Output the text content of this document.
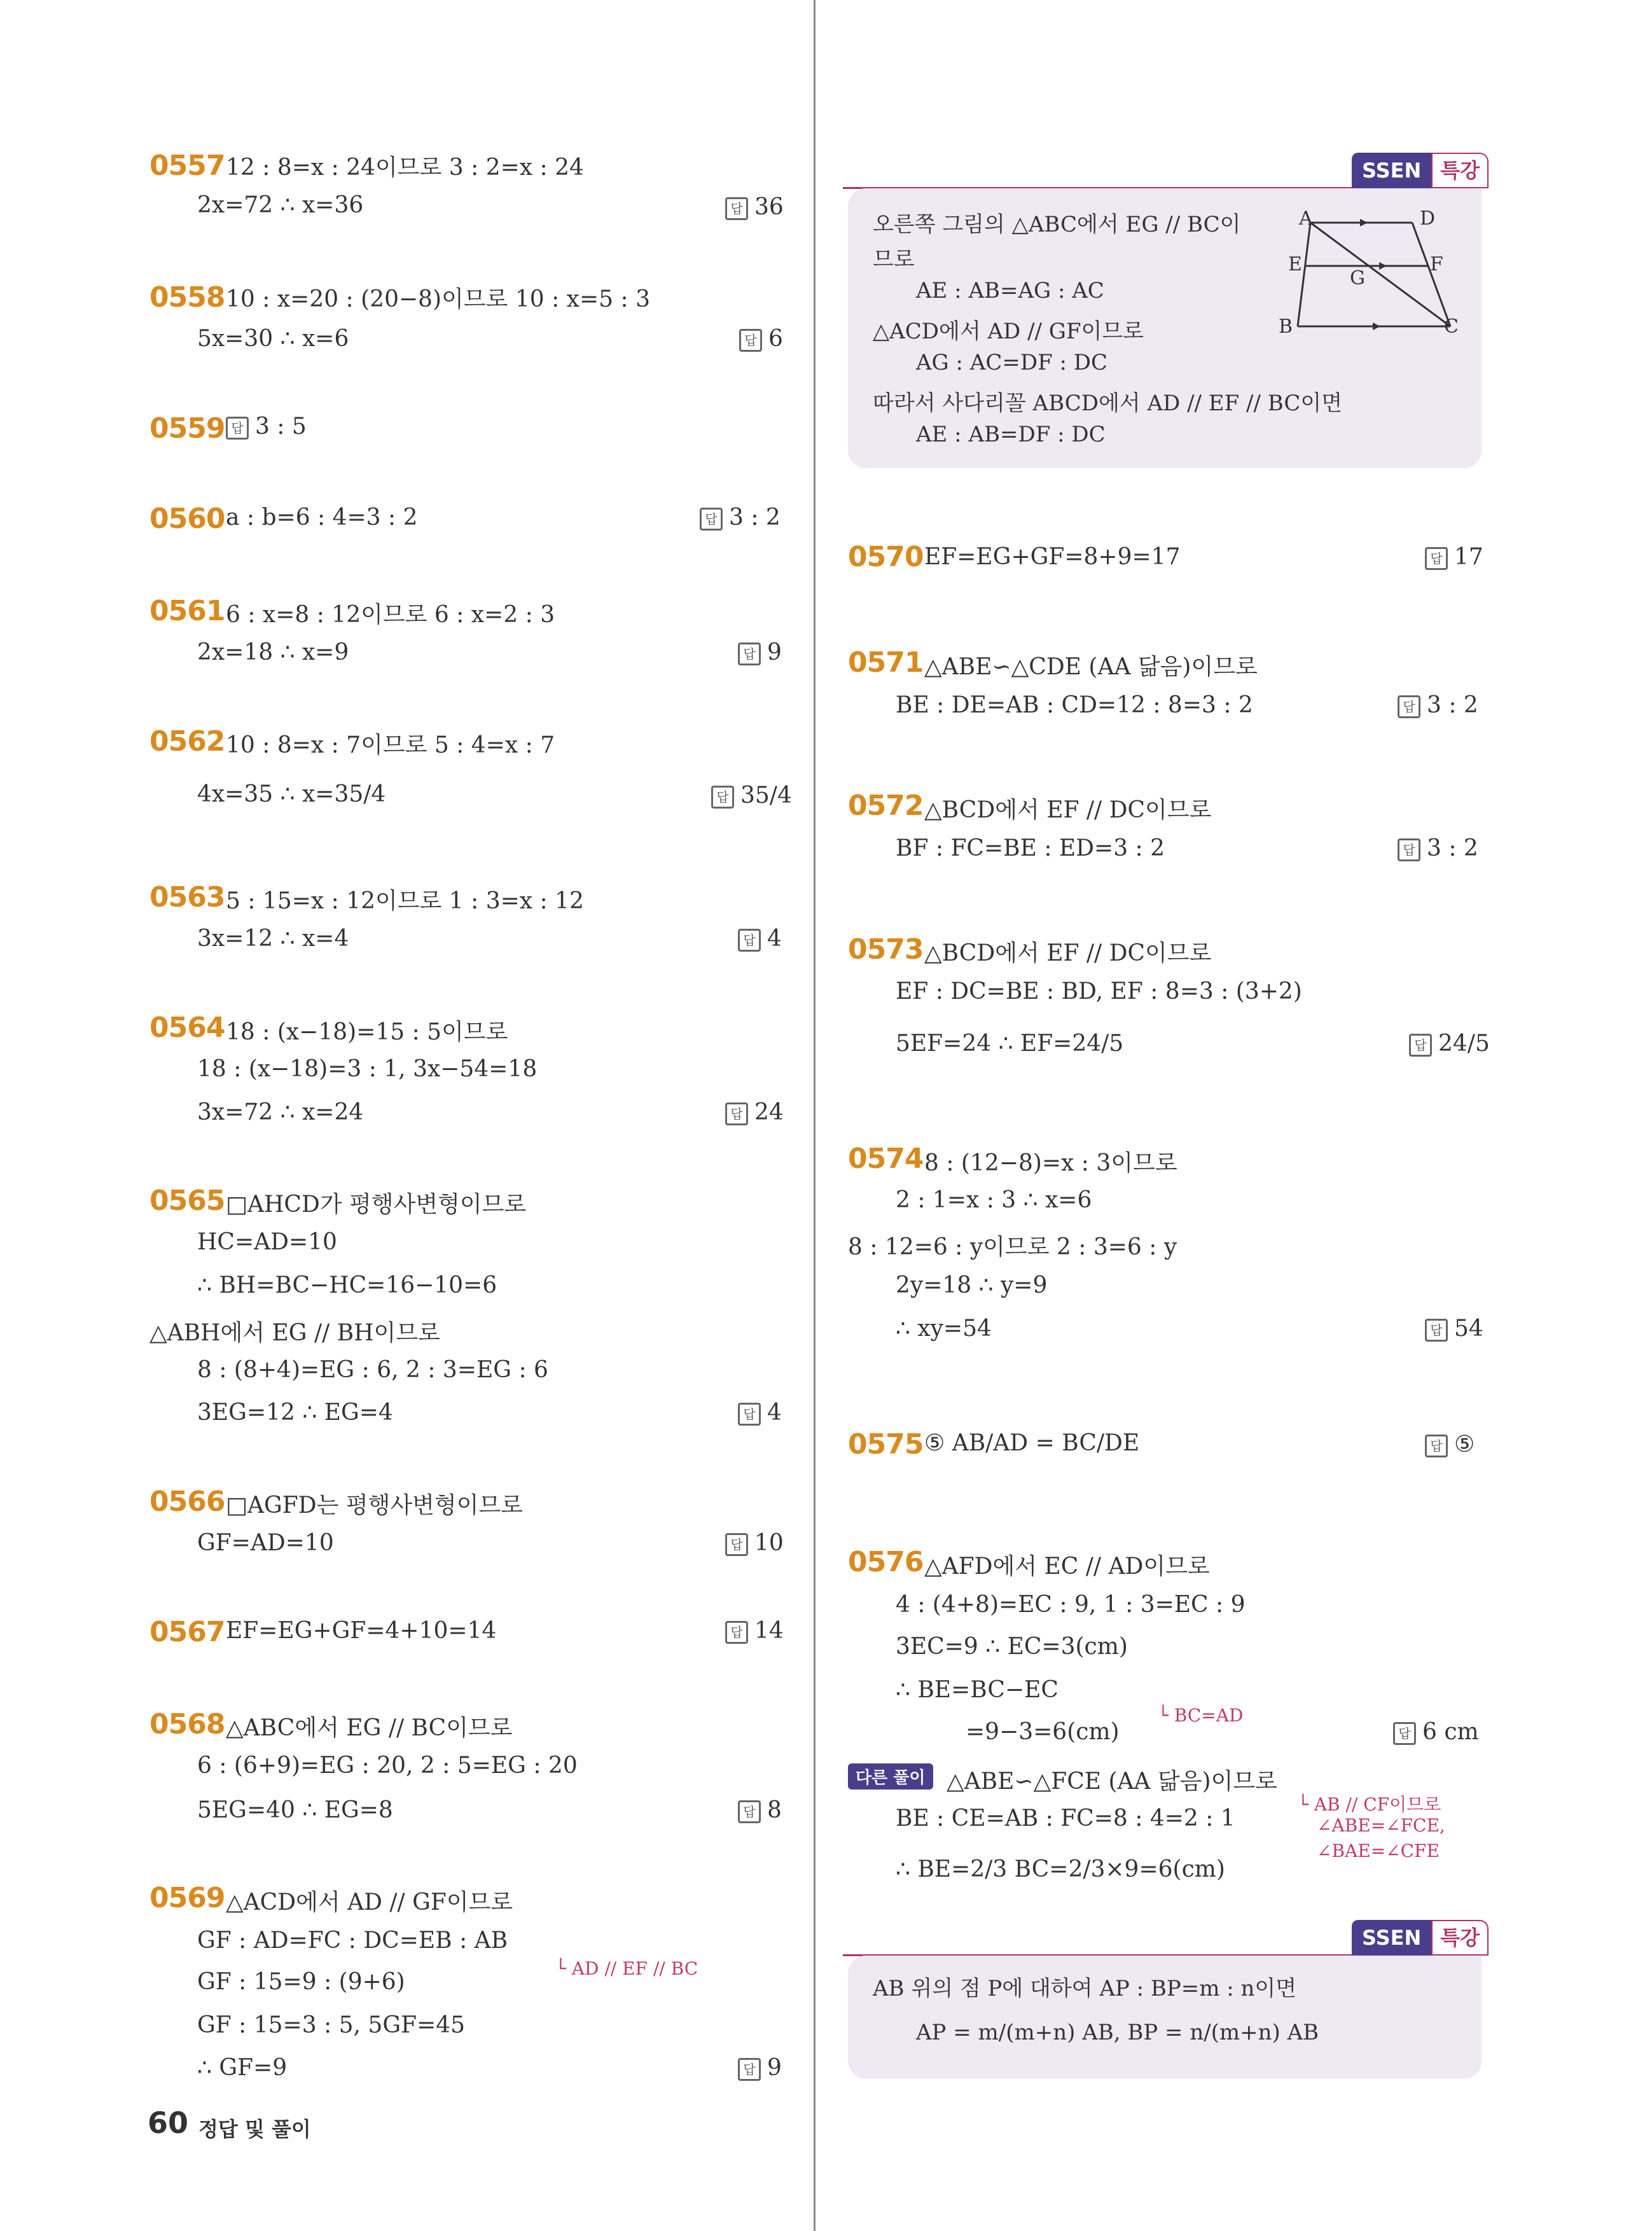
0557 12 : 8=x : 24이므로 3 : 2=x : 24
2x=72 ∴ x=36	답 36
0558 10 : x=20 : (20−8)이므로 10 : x=5 : 3
5x=30 ∴ x=6	답 6
0559 답 3 : 5
0560 a : b=6 : 4=3 : 2	답 3 : 2
0561 6 : x=8 : 12이므로 6 : x=2 : 3
2x=18 ∴ x=9	답 9
0562 10 : 8=x : 7이므로 5 : 4=x : 7
4x=35 ∴ x=35/4	답 35/4
0563 5 : 15=x : 12이므로 1 : 3=x : 12
3x=12 ∴ x=4	답 4
0564 18 : (x−18)=15 : 5이므로
18 : (x−18)=3 : 1, 3x−54=18
3x=72 ∴ x=24	답 24
0565 □AHCD가 평행사변형이므로
HC=AD=10
∴ BH=BC−HC=16−10=6
△ABH에서 EG // BH이므로
8 : (8+4)=EG : 6, 2 : 3=EG : 6
3EG=12 ∴ EG=4	답 4
0566 □AGFD는 평행사변형이므로
GF=AD=10	답 10
0567 EF=EG+GF=4+10=14	답 14
0568 △ABC에서 EG // BC이므로
6 : (6+9)=EG : 20, 2 : 5=EG : 20
5EG=40 ∴ EG=8	답 8
0569 △ACD에서 AD // GF이므로
GF : AD=FC : DC=EB : AB
GF : 15=9 : (9+6)
GF : 15=3 : 5, 5GF=45
∴ GF=9	답 9
└ AD // EF // BC
0570 EF=EG+GF=8+9=17	답 17
0571 △ABE∽△CDE (AA 닮음)이므로
BE : DE=AB : CD=12 : 8=3 : 2	답 3 : 2
0572 △BCD에서 EF // DC이므로
BF : FC=BE : ED=3 : 2	답 3 : 2
0573 △BCD에서 EF // DC이므로
EF : DC=BE : BD, EF : 8=3 : (3+2)
5EF=24 ∴ EF=24/5	답 24/5
0574 8 : (12−8)=x : 3이므로
2 : 1=x : 3 ∴ x=6
8 : 12=6 : y이므로 2 : 3=6 : y
2y=18 ∴ y=9
∴ xy=54	답 54
0575 ⑤ AB/AD = BC/DE	답 ⑤
0576 △AFD에서 EC // AD이므로
4 : (4+8)=EC : 9, 1 : 3=EC : 9
3EC=9 ∴ EC=3(cm)
∴ BE=BC−EC
=9−3=6(cm)	답 6 cm
└ BC=AD
SSEN 특강
오른쪽 그림의 △ABC에서 EG // BC이
므로
AE : AB=AG : AC
△ACD에서 AD // GF이므로
AG : AC=DF : DC
따라서 사다리꼴 ABCD에서 AD // EF // BC이면
AE : AB=DF : DC
A	D
E	F
G
B	C
SSEN 특강
AB 위의 점 P에 대하여 AP : BP=m : n이면
AP = m/(m+n) AB, BP = n/(m+n) AB
다른 풀이 △ABE∽△FCE (AA 닮음)이므로
BE : CE=AB : FC=8 : 4=2 : 1
∴ BE=2/3 BC=2/3×9=6(cm)
└ AB // CF이므로
∠ABE=∠FCE,
∠BAE=∠CFE
60 정답 및 풀이
